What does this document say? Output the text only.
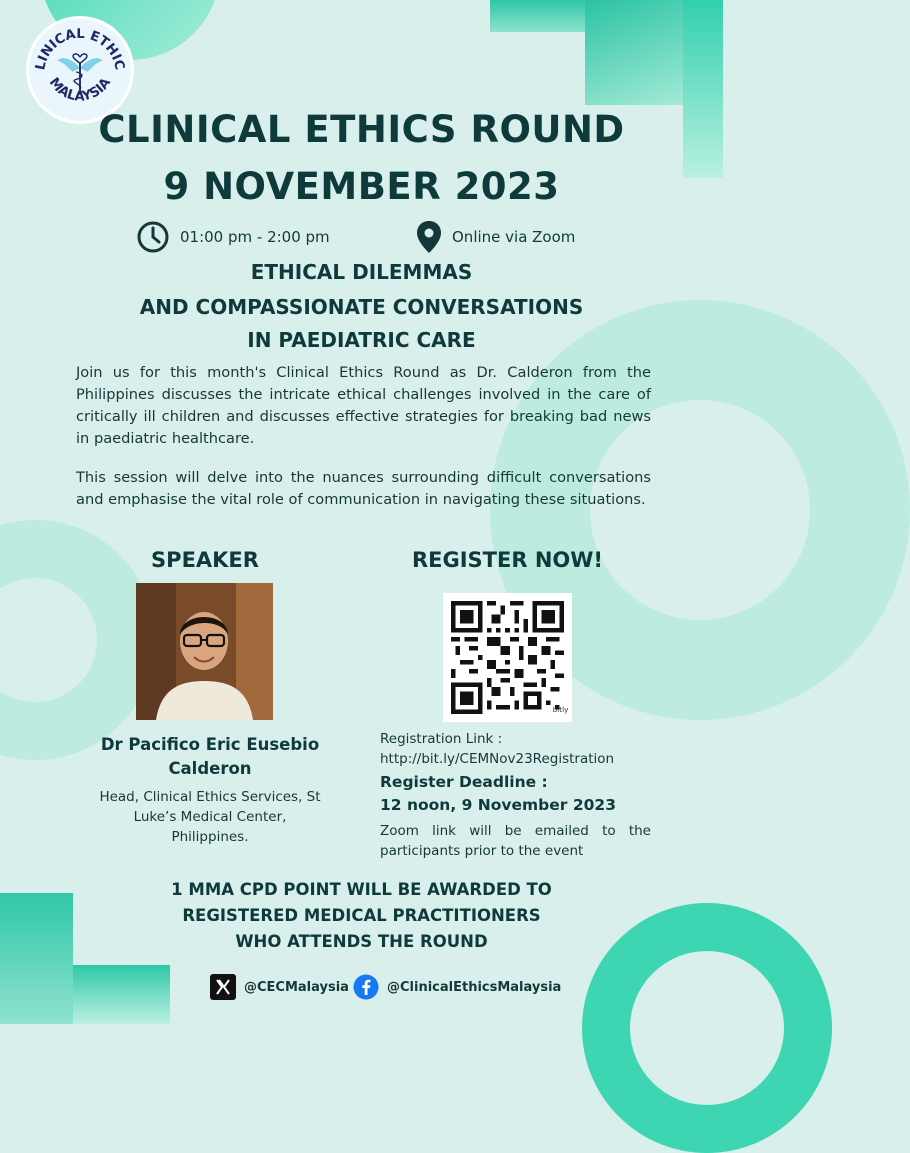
LINICAL ETHIC
MALAYSIA
CLINICAL ETHICS ROUND
9 NOVEMBER 2023
01:00 pm - 2:00 pm	Online via Zoom
ETHICAL DILEMMAS
AND COMPASSIONATE CONVERSATIONS
IN PAEDIATRIC CARE

Join us for this month's Clinical Ethics Round as Dr. Calderon from the Philippines discusses the intricate ethical challenges involved in the care of critically ill children and discusses effective strategies for breaking bad news in paediatric healthcare.

This session will delve into the nuances surrounding difficult conversations and emphasise the vital role of communication in navigating these situations.

SPEAKER
Dr Pacifico Eric Eusebio Calderon
Head, Clinical Ethics Services, St Luke’s Medical Center, Philippines.
REGISTER NOW!
bitly
Registration Link :
http://bit.ly/CEMNov23Registration
Register Deadline :
12 noon, 9 November 2023
Zoom link will be emailed to the participants prior to the event
1 MMA CPD POINT WILL BE AWARDED TO
REGISTERED MEDICAL PRACTITIONERS
WHO ATTENDS THE ROUND
@CECMalaysia	@ClinicalEthicsMalaysia
